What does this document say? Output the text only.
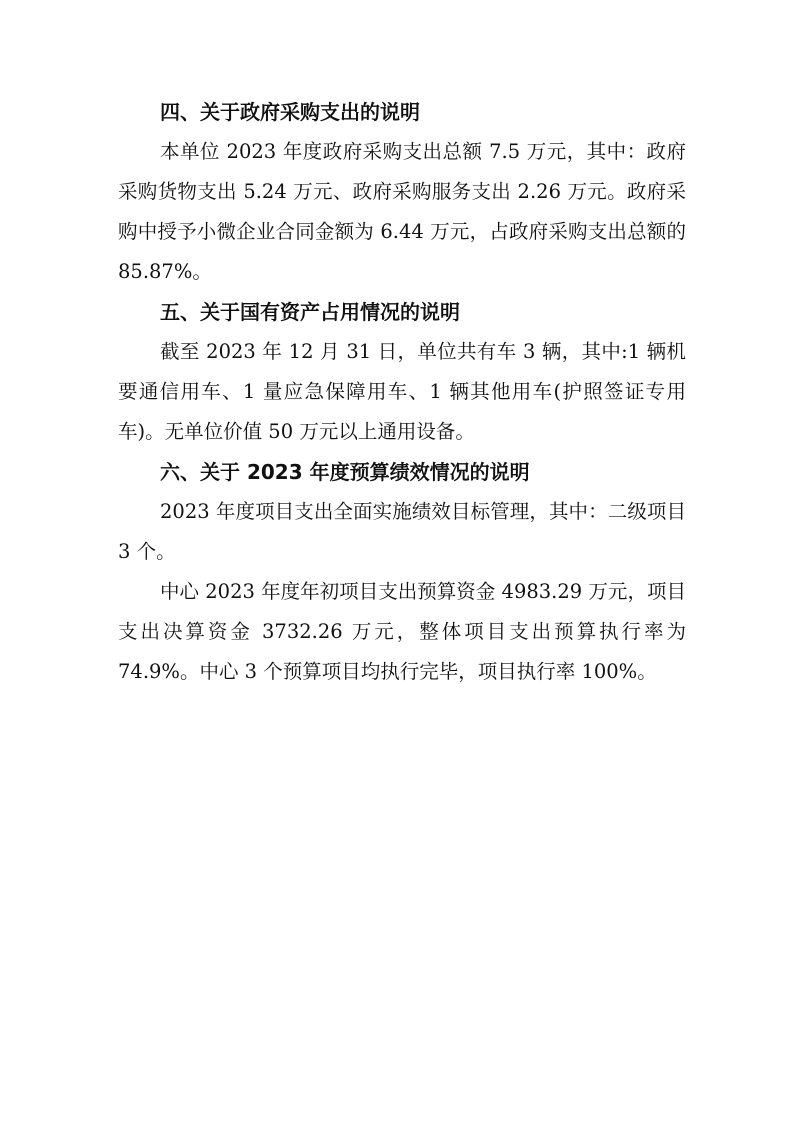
四、关于政府采购支出的说明

本单位 2023 年度政府采购支出总额 7.5 万元，其中：政府采购货物支出 5.24 万元、政府采购服务支出 2.26 万元。政府采购中授予小微企业合同金额为 6.44 万元，占政府采购支出总额的 85.87%。

五、关于国有资产占用情况的说明

截至 2023 年 12 月 31 日，单位共有车 3 辆，其中:1 辆机要通信用车、1 量应急保障用车、1 辆其他用车(护照签证专用车)。无单位价值 50 万元以上通用设备。

六、关于 2023 年度预算绩效情况的说明

2023 年度项目支出全面实施绩效目标管理，其中：二级项目 3 个。

中心 2023 年度年初项目支出预算资金 4983.29 万元，项目支出决算资金 3732.26 万元，整体项目支出预算执行率为 74.9%。中心 3 个预算项目均执行完毕，项目执行率 100%。
